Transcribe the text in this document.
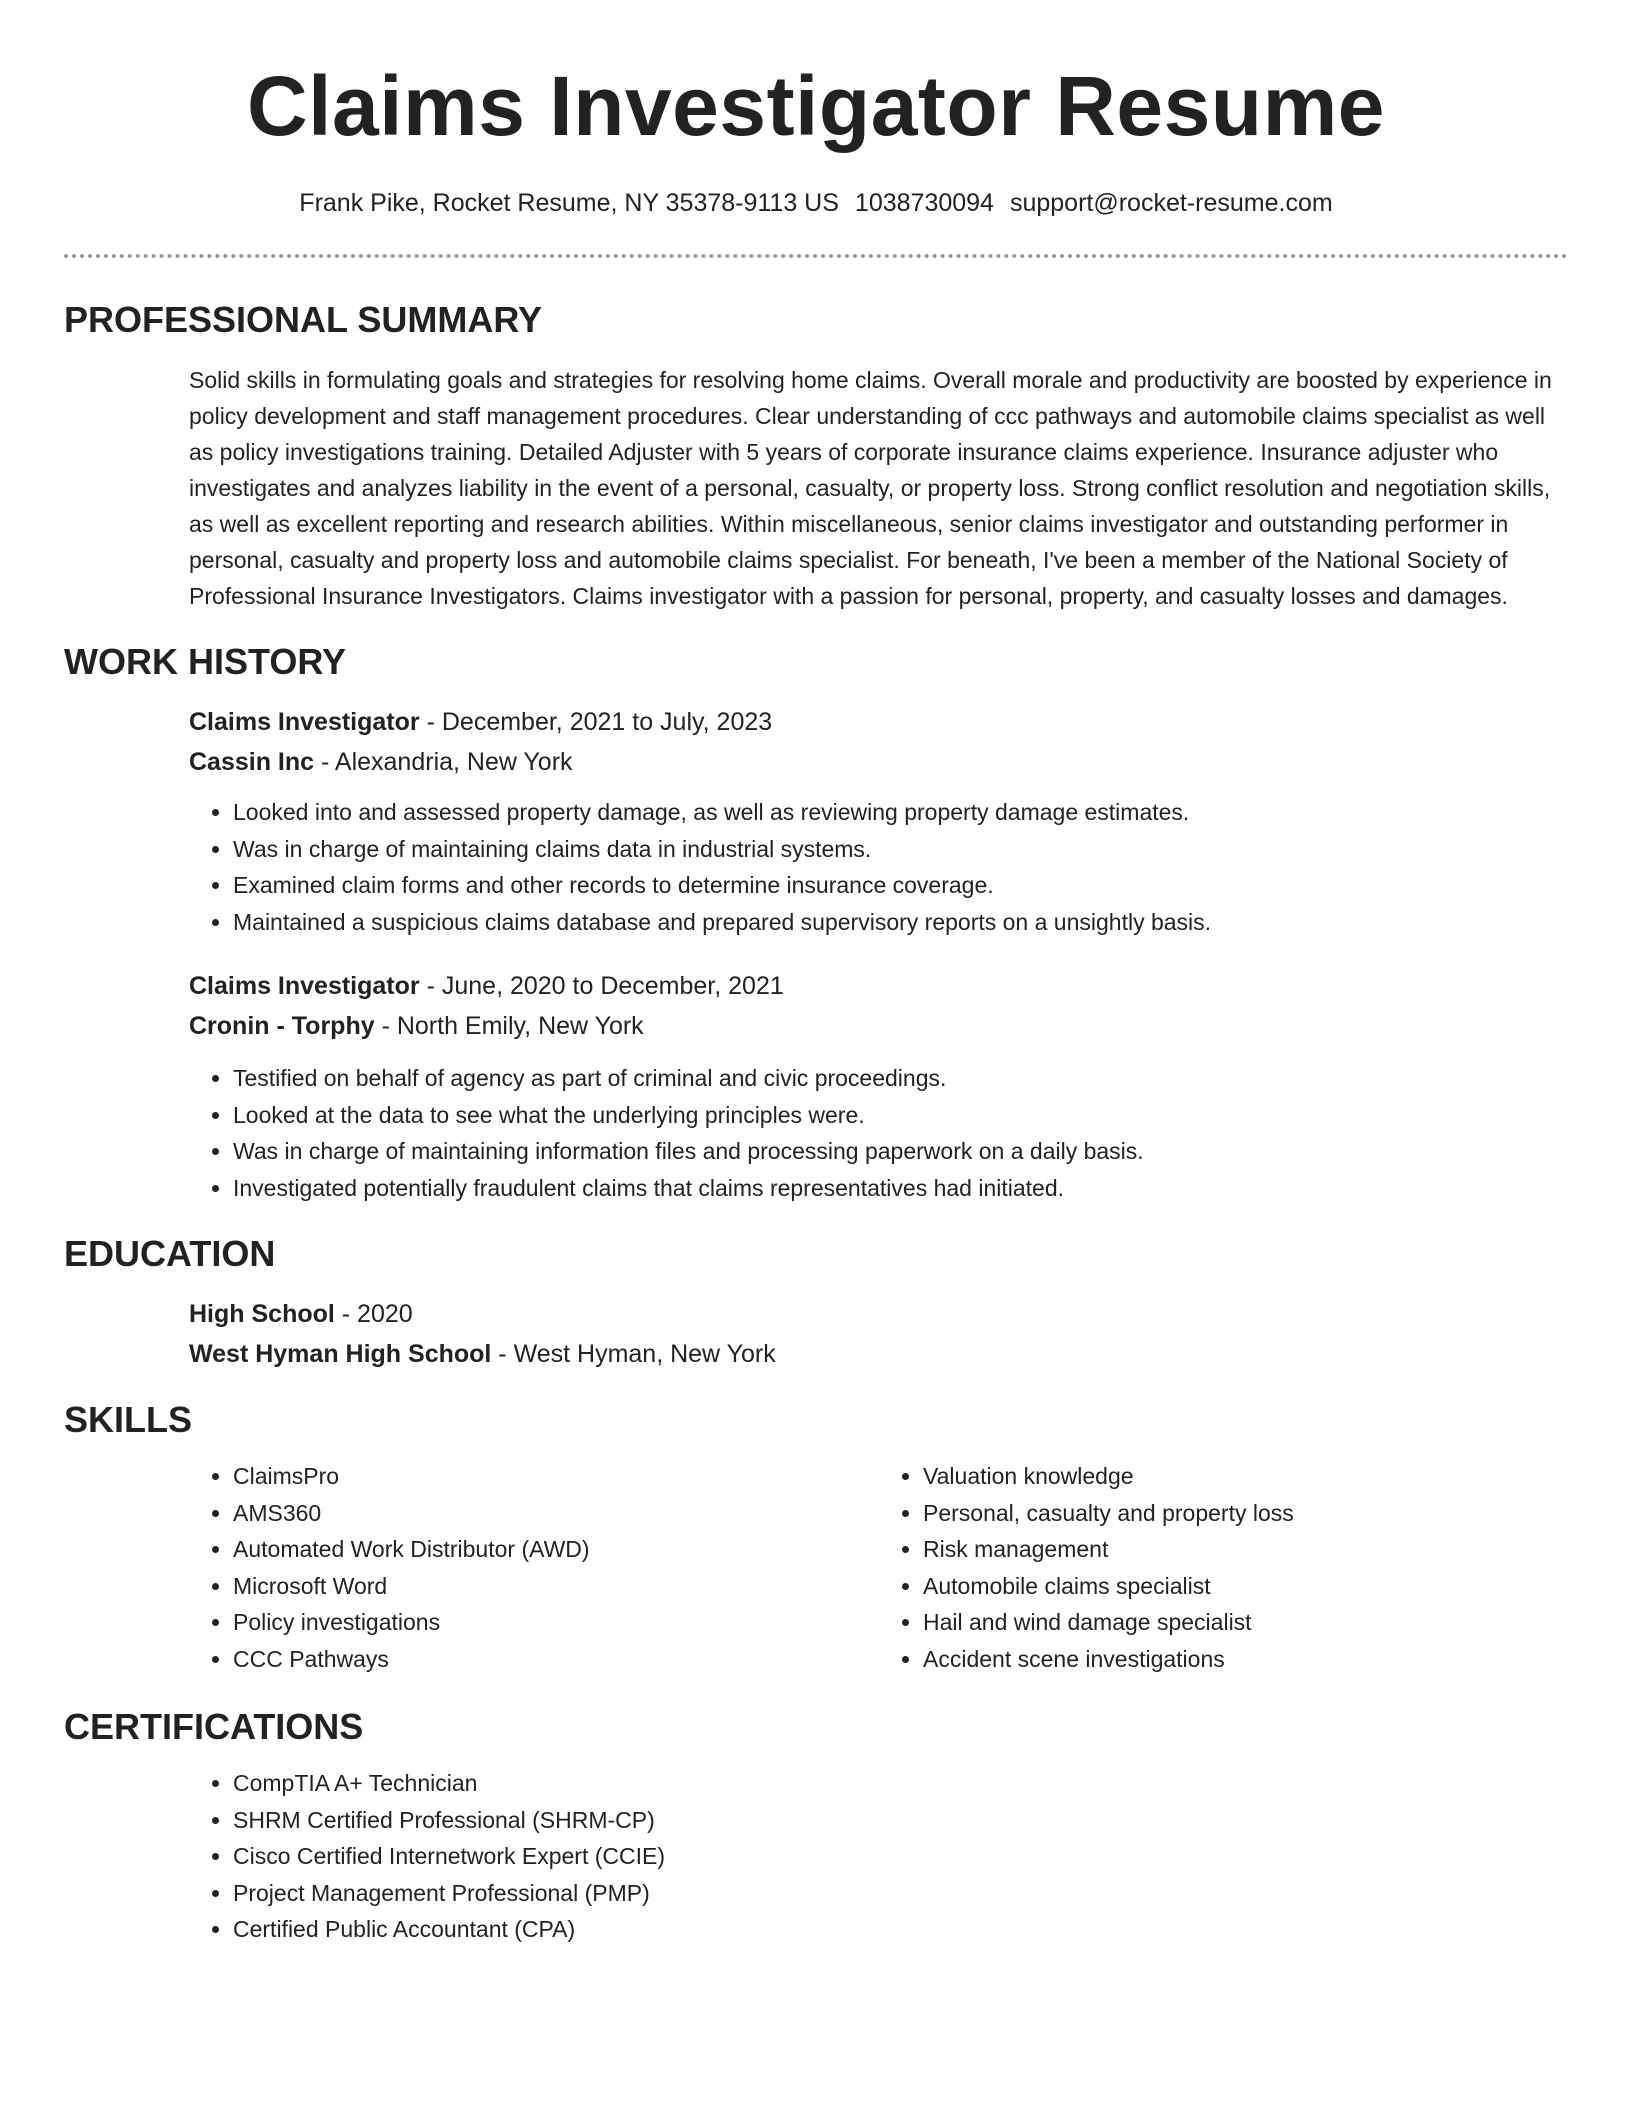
Claims Investigator Resume
Frank Pike, Rocket Resume, NY 35378-9113 US 1038730094 support@rocket-resume.com
PROFESSIONAL SUMMARY

Solid skills in formulating goals and strategies for resolving home claims. Overall morale and productivity are boosted by experience in policy development and staff management procedures. Clear understanding of ccc pathways and automobile claims specialist as well as policy investigations training. Detailed Adjuster with 5 years of corporate insurance claims experience. Insurance adjuster who investigates and analyzes liability in the event of a personal, casualty, or property loss. Strong conflict resolution and negotiation skills, as well as excellent reporting and research abilities. Within miscellaneous, senior claims investigator and outstanding performer in personal, casualty and property loss and automobile claims specialist. For beneath, I've been a member of the National Society of Professional Insurance Investigators. Claims investigator with a passion for personal, property, and casualty losses and damages.

WORK HISTORY

Claims Investigator - December, 2021 to July, 2023

Cassin Inc - Alexandria, New York

• Looked into and assessed property damage, as well as reviewing property damage estimates.
• Was in charge of maintaining claims data in industrial systems.
• Examined claim forms and other records to determine insurance coverage.
• Maintained a suspicious claims database and prepared supervisory reports on a unsightly basis.

Claims Investigator - June, 2020 to December, 2021

Cronin - Torphy - North Emily, New York

• Testified on behalf of agency as part of criminal and civic proceedings.
• Looked at the data to see what the underlying principles were.
• Was in charge of maintaining information files and processing paperwork on a daily basis.
• Investigated potentially fraudulent claims that claims representatives had initiated.
EDUCATION

High School - 2020

West Hyman High School - West Hyman, New York

SKILLS
• ClaimsPro
• AMS360
• Automated Work Distributor (AWD)
• Microsoft Word
• Policy investigations
• CCC Pathways
• Valuation knowledge
• Personal, casualty and property loss
• Risk management
• Automobile claims specialist
• Hail and wind damage specialist
• Accident scene investigations
CERTIFICATIONS
• CompTIA A+ Technician
• SHRM Certified Professional (SHRM-CP)
• Cisco Certified Internetwork Expert (CCIE)
• Project Management Professional (PMP)
• Certified Public Accountant (CPA)
